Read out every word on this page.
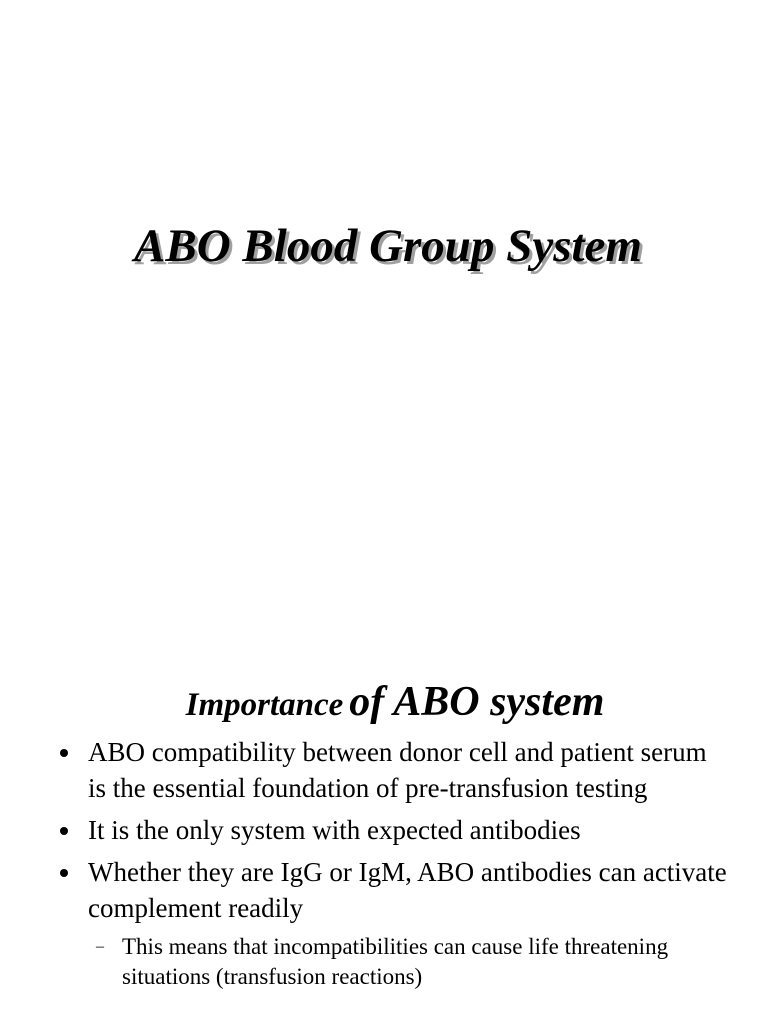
ABO Blood Group System
Importance of ABO system
ABO compatibility between donor cell and patient serum is the essential foundation of pre-transfusion testing
It is the only system with expected antibodies
Whether they are IgG or IgM, ABO antibodies can activate complement readily
– This means that incompatibilities can cause life threatening situations (transfusion reactions)
